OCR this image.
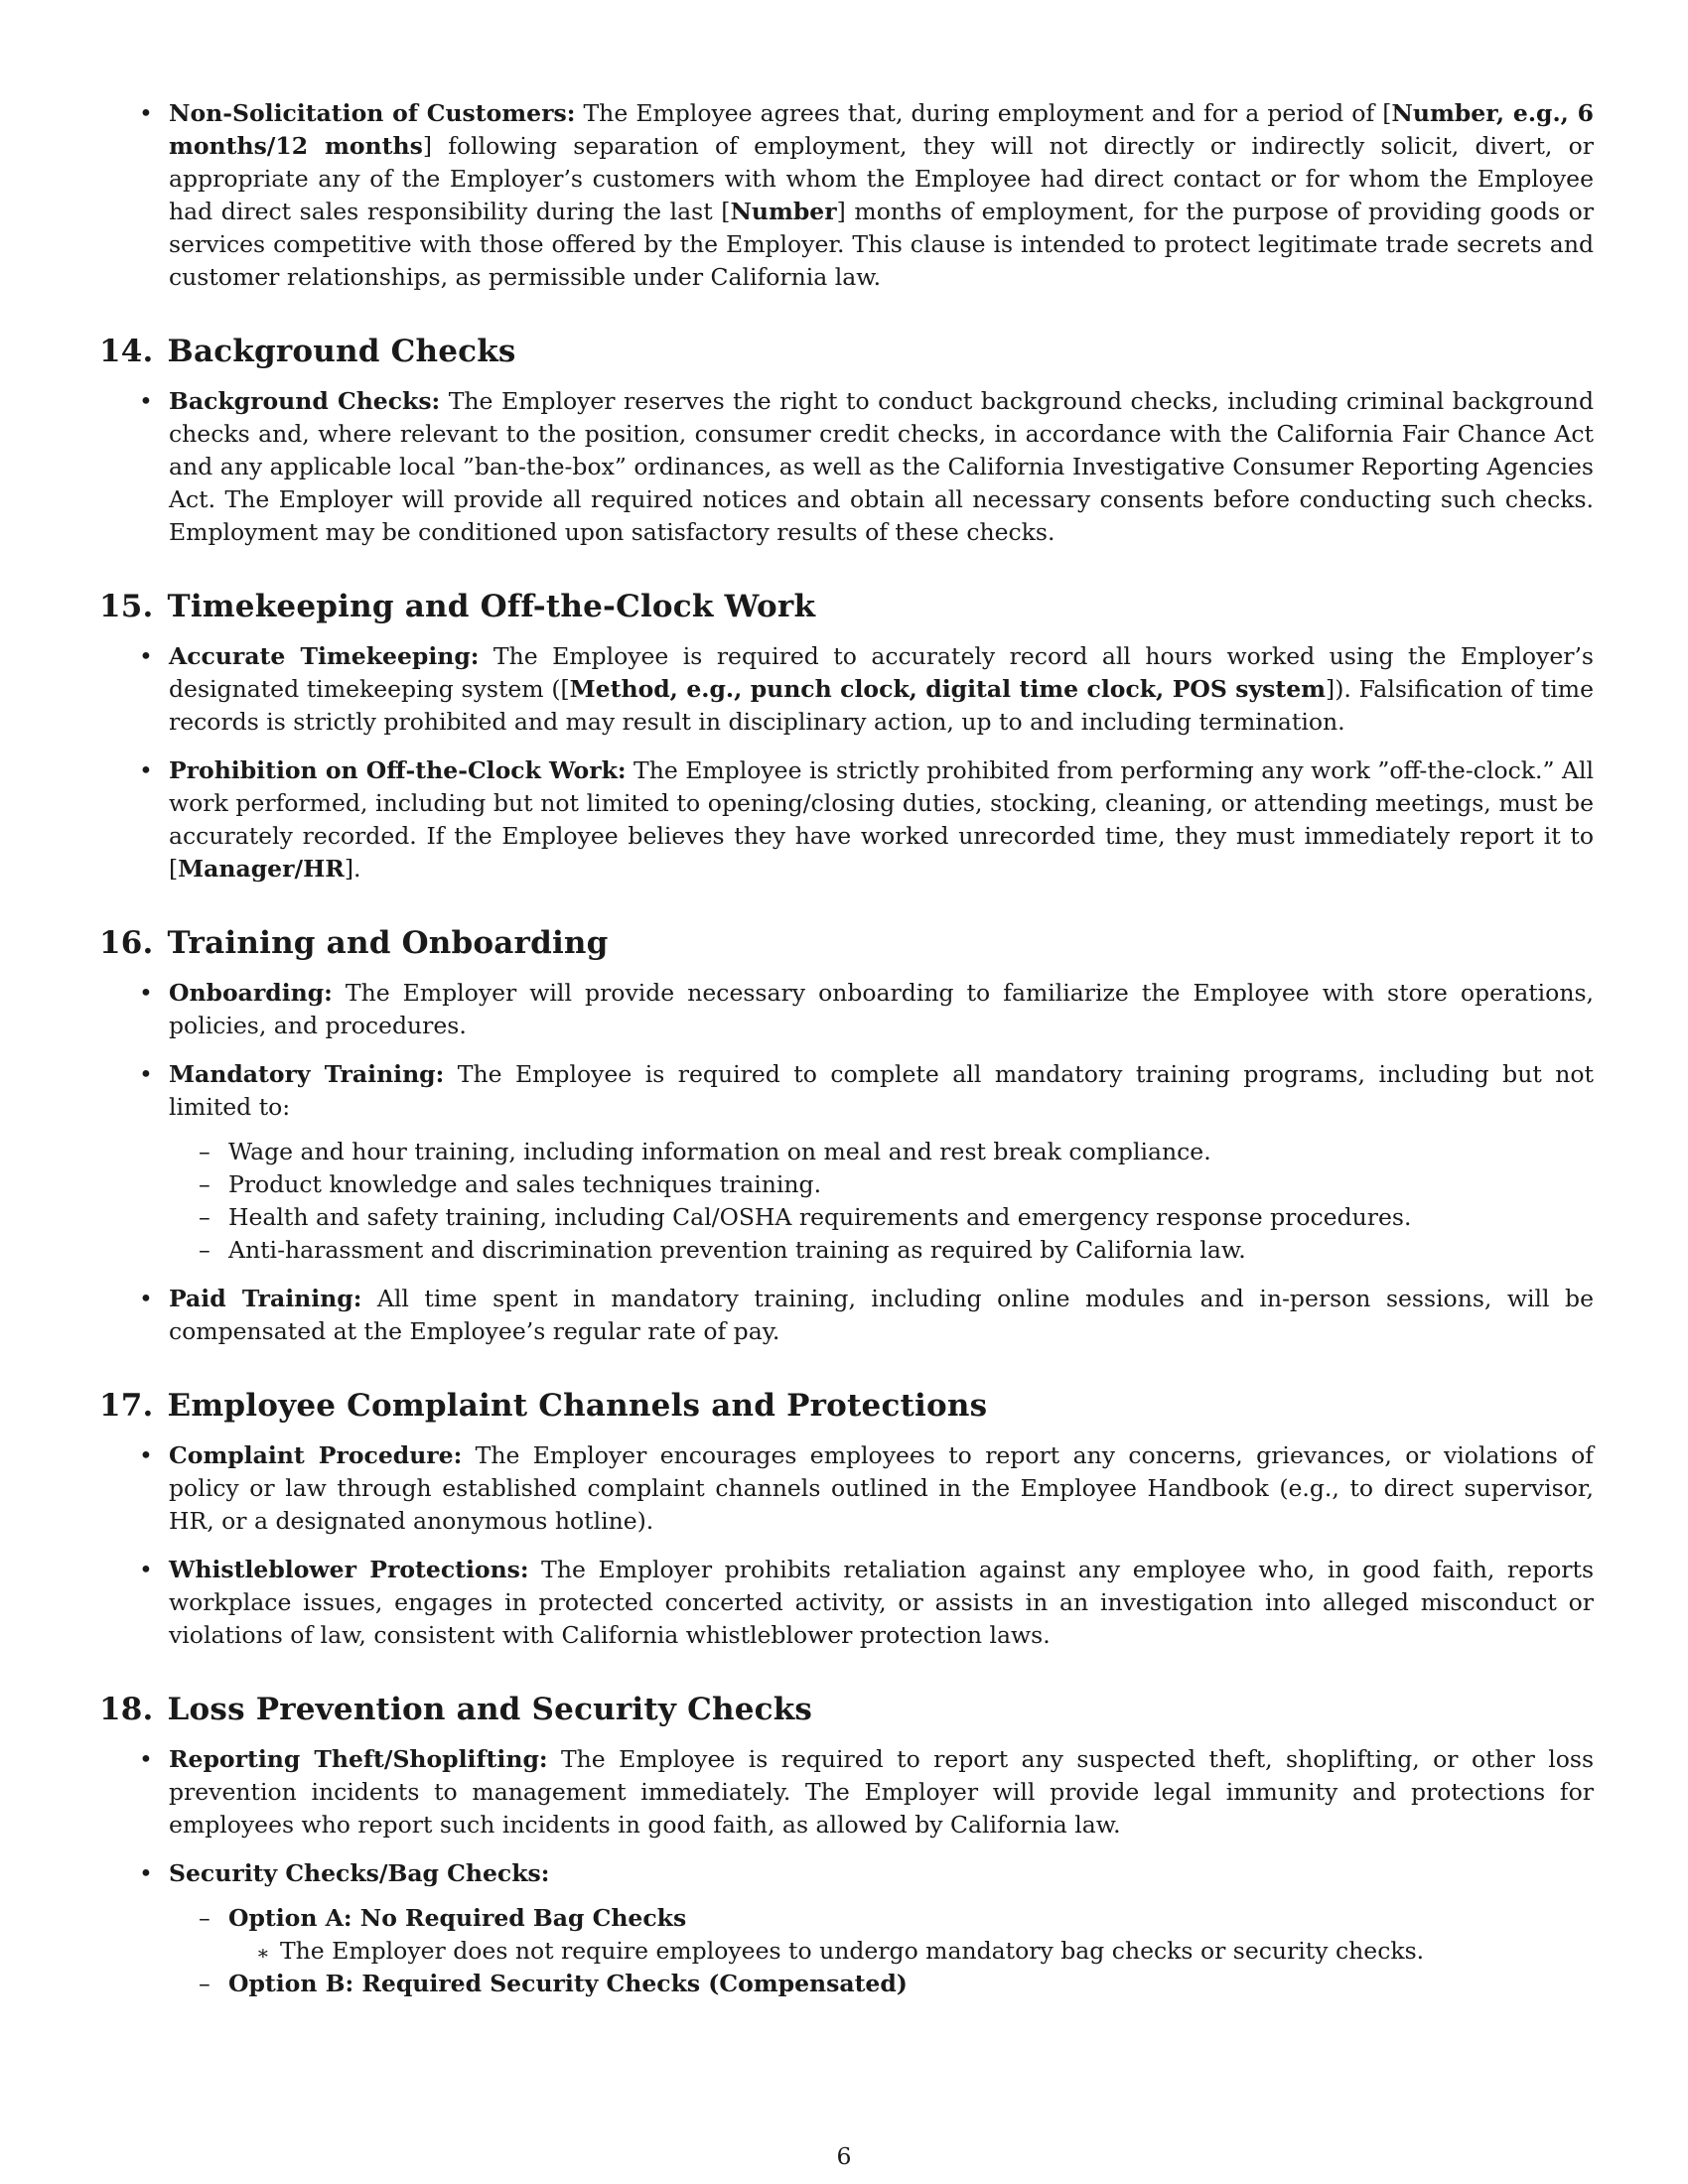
• Non-Solicitation of Customers: The Employee agrees that, during employment and for a period of [Number, e.g., 6 months/12 months] following separation of employment, they will not directly or indirectly solicit, divert, or appropriate any of the Employer’s customers with whom the Employee had direct contact or for whom the Employee had direct sales responsibility during the last [Number] months of employment, for the purpose of providing goods or services competitive with those offered by the Employer. This clause is intended to protect legitimate trade secrets and customer relationships, as permissible under California law.
14. Background Checks
• Background Checks: The Employer reserves the right to conduct background checks, including criminal background checks and, where relevant to the position, consumer credit checks, in accordance with the California Fair Chance Act and any applicable local ”ban-the-box” ordinances, as well as the California Investigative Consumer Reporting Agencies Act. The Employer will provide all required notices and obtain all necessary consents before conducting such checks. Employment may be conditioned upon satisfactory results of these checks.
15. Timekeeping and Off-the-Clock Work
• Accurate Timekeeping: The Employee is required to accurately record all hours worked using the Employer’s designated timekeeping system ([Method, e.g., punch clock, digital time clock, POS system]). Falsification of time records is strictly prohibited and may result in disciplinary action, up to and including termination.
• Prohibition on Off-the-Clock Work: The Employee is strictly prohibited from performing any work ”off-the-clock.” All work performed, including but not limited to opening/closing duties, stocking, cleaning, or attending meetings, must be accurately recorded. If the Employee believes they have worked unrecorded time, they must immediately report it to [Manager/HR].
16. Training and Onboarding
• Onboarding: The Employer will provide necessary onboarding to familiarize the Employee with store operations, policies, and procedures.
• Mandatory Training: The Employee is required to complete all mandatory training programs, including but not limited to:
– Wage and hour training, including information on meal and rest break compliance.
– Product knowledge and sales techniques training.
– Health and safety training, including Cal/OSHA requirements and emergency response procedures.
– Anti-harassment and discrimination prevention training as required by California law.
• Paid Training: All time spent in mandatory training, including online modules and in-person sessions, will be compensated at the Employee’s regular rate of pay.
17. Employee Complaint Channels and Protections
• Complaint Procedure: The Employer encourages employees to report any concerns, grievances, or violations of policy or law through established complaint channels outlined in the Employee Handbook (e.g., to direct supervisor, HR, or a designated anonymous hotline).
• Whistleblower Protections: The Employer prohibits retaliation against any employee who, in good faith, reports workplace issues, engages in protected concerted activity, or assists in an investigation into alleged misconduct or violations of law, consistent with California whistleblower protection laws.
18. Loss Prevention and Security Checks
• Reporting Theft/Shoplifting: The Employee is required to report any suspected theft, shoplifting, or other loss prevention incidents to management immediately. The Employer will provide legal immunity and protections for employees who report such incidents in good faith, as allowed by California law.
• Security Checks/Bag Checks:
– Option A: No Required Bag Checks
∗ The Employer does not require employees to undergo mandatory bag checks or security checks.
– Option B: Required Security Checks (Compensated)
6
